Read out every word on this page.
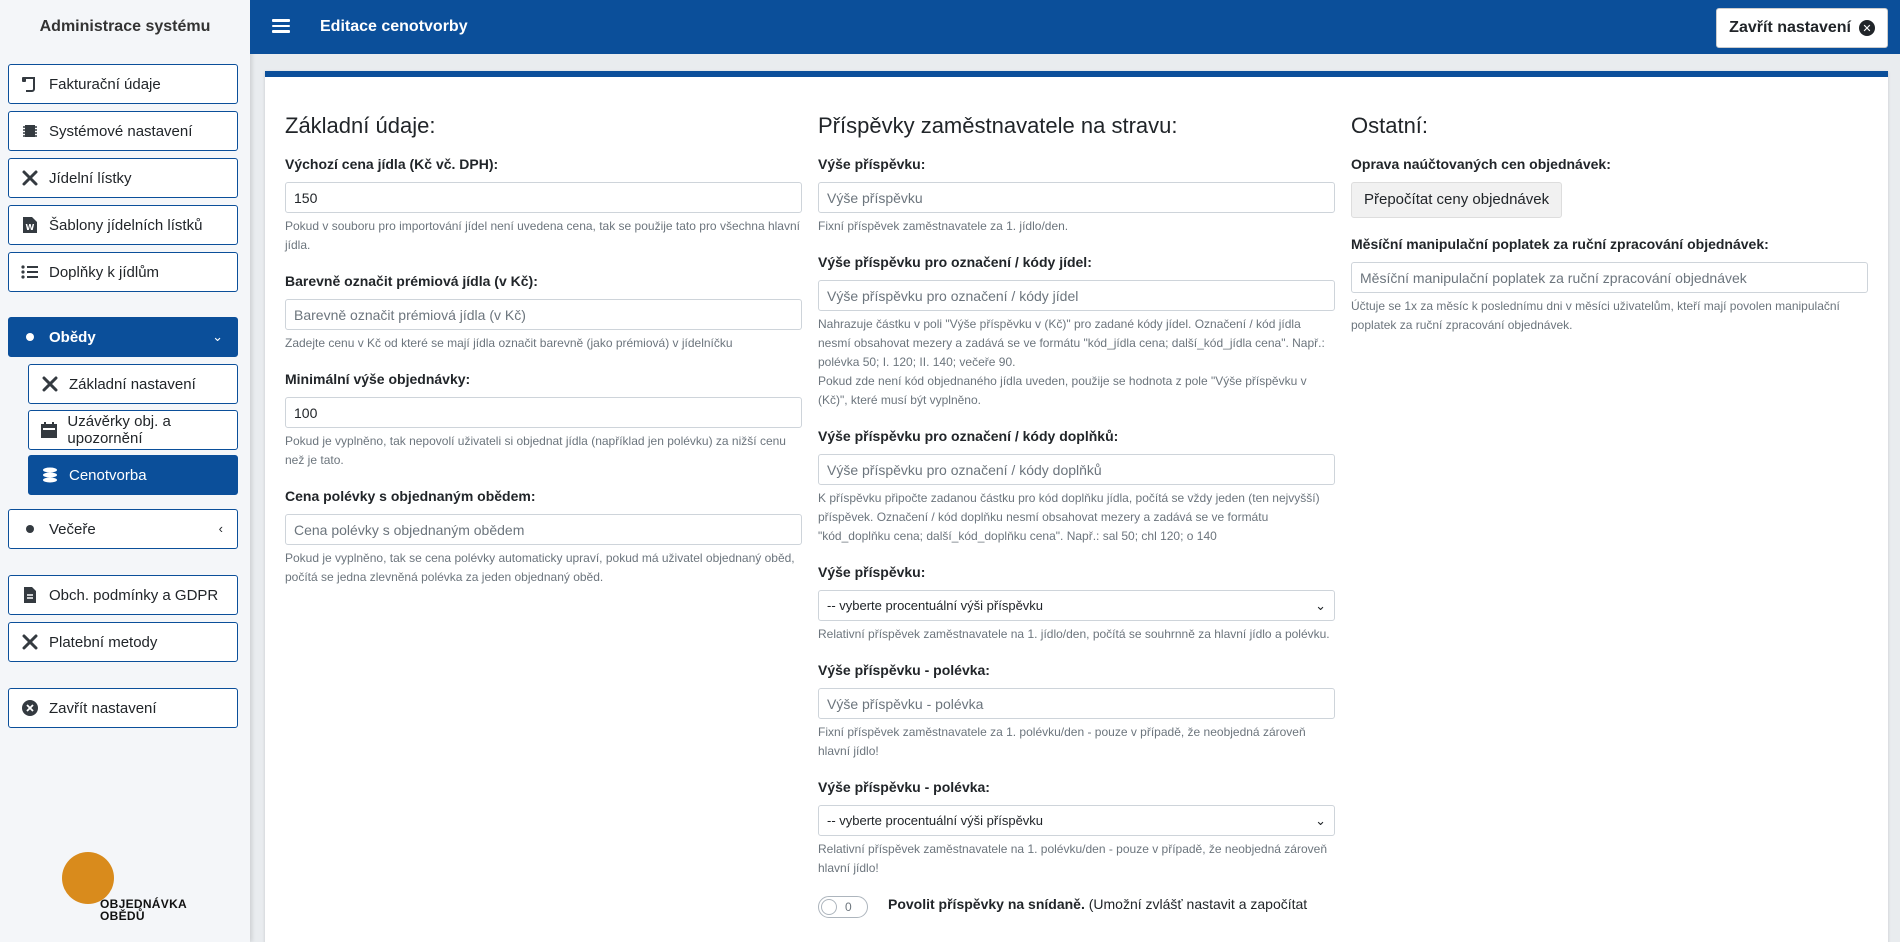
Administrace systému
Fakturační údaje
Systémové nastavení
Jídelní lístky
W Šablony jídelních lístků
Doplňky k jídlům
Obědy	⌄
Základní nastavení
Uzávěrky obj. a upozornění
Cenotvorba
Večeře	‹
Obch. podmínky a GDPR
Platební metody
Zavřít nastavení
OBJEDNÁVKA
OBĚDŮ
Editace cenotvorby	Zavřít nastavení	✕
Základní údaje:
Výchozí cena jídla (Kč vč. DPH):
150
Pokud v souboru pro importování jídel není uvedena cena, tak se použije tato pro všechna hlavní jídla.
Barevně označit prémiová jídla (v Kč):
Barevně označit prémiová jídla (v Kč)
Zadejte cenu v Kč od které se mají jídla označit barevně (jako prémiová) v jídelníčku
Minimální výše objednávky:
100
Pokud je vyplněno, tak nepovolí uživateli si objednat jídla (například jen polévku) za nižší cenu než je tato.
Cena polévky s objednaným obědem:
Cena polévky s objednaným obědem
Pokud je vyplněno, tak se cena polévky automaticky upraví, pokud má uživatel objednaný oběd, počítá se jedna zlevněná polévka za jeden objednaný oběd.
Příspěvky zaměstnavatele na stravu:
Výše příspěvku:
Výše příspěvku
Fixní příspěvek zaměstnavatele za 1. jídlo/den.
Výše příspěvku pro označení / kódy jídel:
Výše příspěvku pro označení / kódy jídel
Nahrazuje částku v poli "Výše příspěvku v (Kč)" pro zadané kódy jídel. Označení / kód jídla nesmí obsahovat mezery a zadává se ve formátu "kód_jídla cena; další_kód_jídla cena". Např.: polévka 50; I. 120; II. 140; večeře 90.
Pokud zde není kód objednaného jídla uveden, použije se hodnota z pole "Výše příspěvku v (Kč)", které musí být vyplněno.
Výše příspěvku pro označení / kódy doplňků:
Výše příspěvku pro označení / kódy doplňků
K příspěvku připočte zadanou částku pro kód doplňku jídla, počítá se vždy jeden (ten nejvyšší) příspěvek. Označení / kód doplňku nesmí obsahovat mezery a zadává se ve formátu "kód_doplňku cena; další_kód_doplňku cena". Např.: sal 50; chl 120; o 140
Výše příspěvku:
-- vyberte procentuální výši příspěvku	⌄
Relativní příspěvek zaměstnavatele na 1. jídlo/den, počítá se souhrnně za hlavní jídlo a polévku.
Výše příspěvku - polévka:
Výše příspěvku - polévka
Fixní příspěvek zaměstnavatele za 1. polévku/den - pouze v případě, že neobjedná zároveň hlavní jídlo!
Výše příspěvku - polévka:
-- vyberte procentuální výši příspěvku	⌄
Relativní příspěvek zaměstnavatele na 1. polévku/den - pouze v případě, že neobjedná zároveň hlavní jídlo!
0	Povolit příspěvky na snídaně. (Umožní zvlášť nastavit a započítat
Ostatní:
Oprava naúčtovaných cen objednávek:
Přepočítat ceny objednávek
Měsíční manipulační poplatek za ruční zpracování objednávek:
Měsíční manipulační poplatek za ruční zpracování objednávek
Účtuje se 1x za měsíc k poslednímu dni v měsíci uživatelům, kteří mají povolen manipulační poplatek za ruční zpracování objednávek.
